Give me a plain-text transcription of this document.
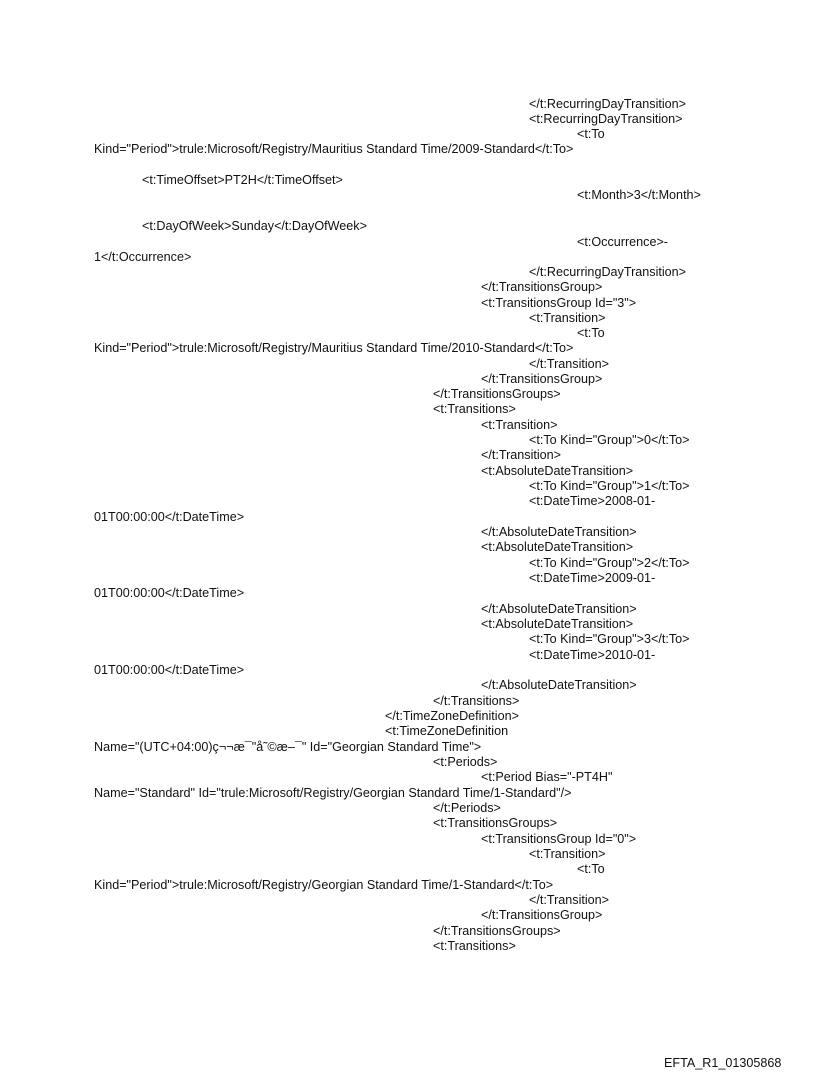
</t:RecurringDayTransition>
<t:RecurringDayTransition>
<t:To
Kind="Period">trule:Microsoft/Registry/Mauritius Standard Time/2009-Standard</t:To>
<t:TimeOffset>PT2H</t:TimeOffset>
<t:Month>3</t:Month>
<t:DayOfWeek>Sunday</t:DayOfWeek>
<t:Occurrence>-
1</t:Occurrence>
</t:RecurringDayTransition>
</t:TransitionsGroup>
<t:TransitionsGroup Id="3">
<t:Transition>
<t:To
Kind="Period">trule:Microsoft/Registry/Mauritius Standard Time/2010-Standard</t:To>
</t:Transition>
</t:TransitionsGroup>
</t:TransitionsGroups>
<t:Transitions>
<t:Transition>
<t:To Kind="Group">0</t:To>
</t:Transition>
<t:AbsoluteDateTransition>
<t:To Kind="Group">1</t:To>
<t:DateTime>2008-01-
01T00:00:00</t:DateTime>
</t:AbsoluteDateTransition>
<t:AbsoluteDateTransition>
<t:To Kind="Group">2</t:To>
<t:DateTime>2009-01-
01T00:00:00</t:DateTime>
</t:AbsoluteDateTransition>
<t:AbsoluteDateTransition>
<t:To Kind="Group">3</t:To>
<t:DateTime>2010-01-
01T00:00:00</t:DateTime>
</t:AbsoluteDateTransition>
</t:Transitions>
</t:TimeZoneDefinition>
<t:TimeZoneDefinition
Name="(UTC+04:00)ç¬¬æ¯"å˜©æ–¯" Id="Georgian Standard Time">
<t:Periods>
<t:Period Bias="-PT4H"
Name="Standard" Id="trule:Microsoft/Registry/Georgian Standard Time/1-Standard"/>
</t:Periods>
<t:TransitionsGroups>
<t:TransitionsGroup Id="0">
<t:Transition>
<t:To
Kind="Period">trule:Microsoft/Registry/Georgian Standard Time/1-Standard</t:To>
</t:Transition>
</t:TransitionsGroup>
</t:TransitionsGroups>
<t:Transitions>
EFTA_R1_01305868
